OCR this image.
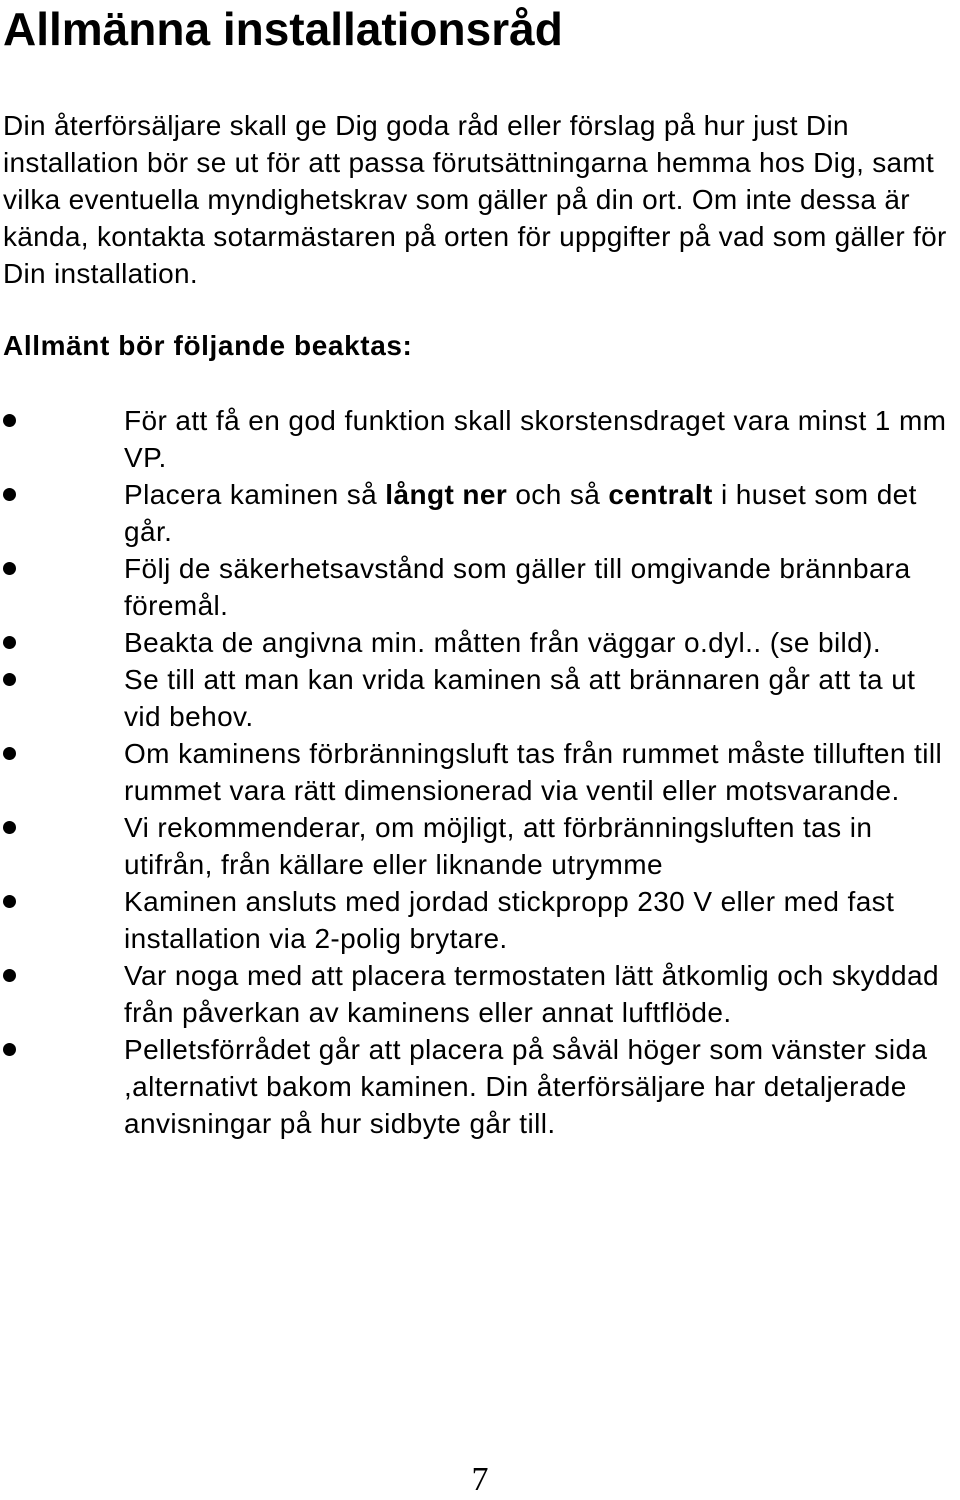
Allmänna installationsråd

Din återförsäljare skall ge Dig goda råd eller förslag på hur just Din installation bör se ut för att passa förutsättningarna hemma hos Dig, samt vilka eventuella myndighetskrav som gäller på din ort. Om inte dessa är kända, kontakta sotarmästaren på orten för uppgifter på vad som gäller för Din installation.

Allmänt bör följande beaktas:
För att få en god funktion skall skorstensdraget vara minst 1 mm VP.
Placera kaminen så långt ner och så centralt i huset som det går.
Följ de säkerhetsavstånd som gäller till omgivande brännbara föremål.
Beakta de angivna min. måtten från väggar o.dyl.. (se bild).
Se till att man kan vrida kaminen så att brännaren går att ta ut vid behov.
Om kaminens förbränningsluft tas från rummet måste tilluften till rummet vara rätt dimensionerad via ventil eller motsvarande.
Vi rekommenderar, om möjligt, att förbränningsluften tas in utifrån, från källare eller liknande utrymme
Kaminen ansluts med jordad stickpropp 230 V eller med fast installation via 2-polig brytare.
Var noga med att placera termostaten lätt åtkomlig och skyddad från påverkan av kaminens eller annat luftflöde.
Pelletsförrådet går att placera på såväl höger som vänster sida ,alternativt bakom kaminen. Din återförsäljare har detaljerade anvisningar på hur sidbyte går till.
7
